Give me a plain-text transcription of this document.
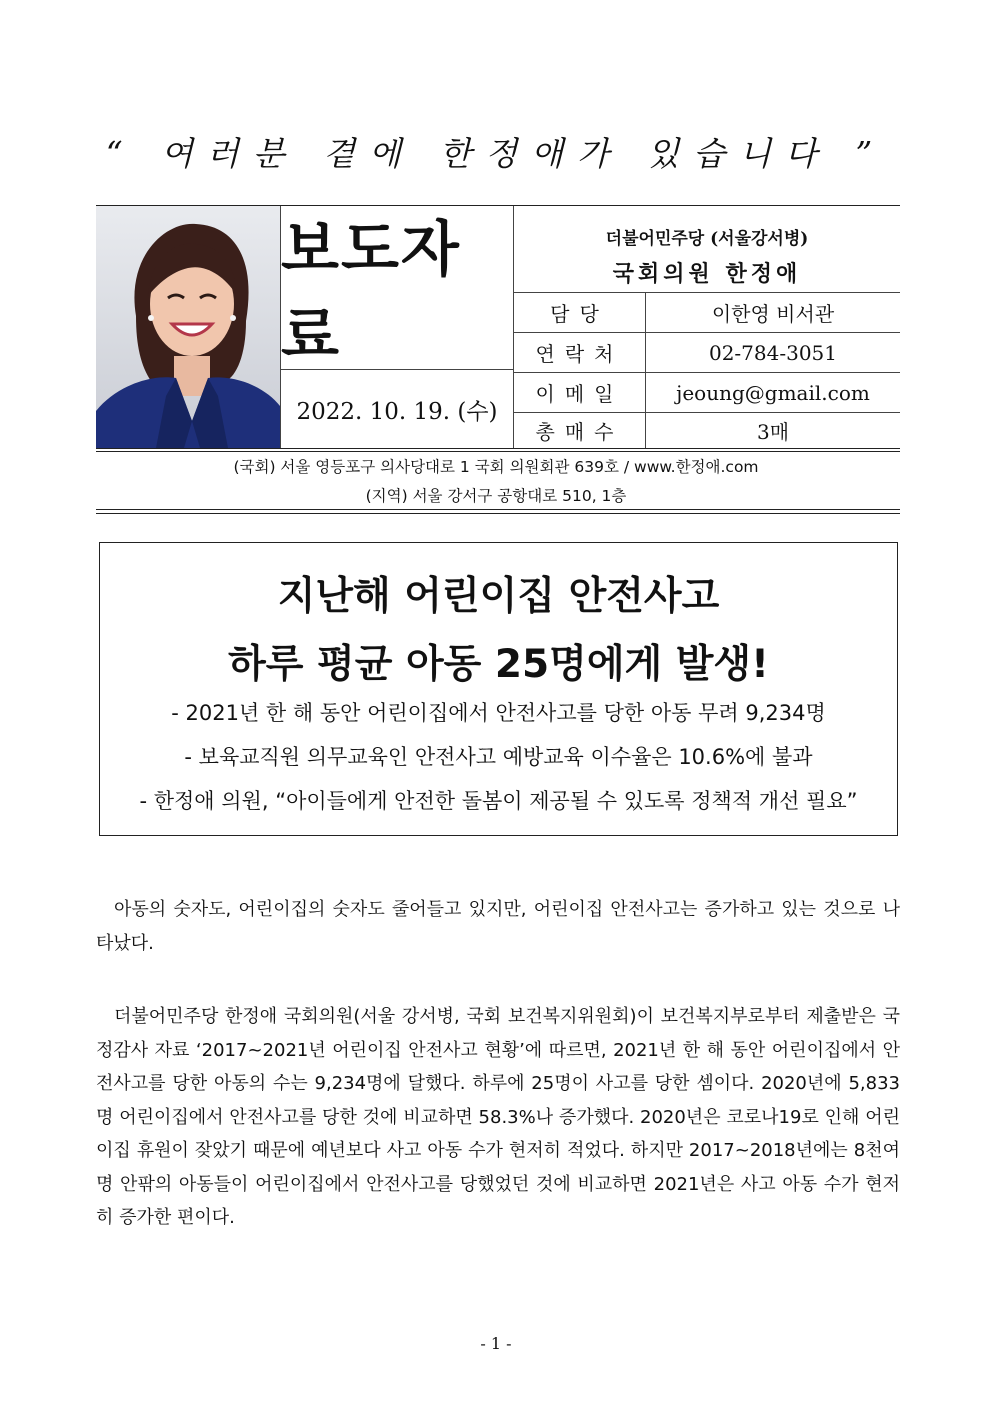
“ 여러분 곁에 한정애가 있습니다 ”
보도자료
2022. 10. 19. (수)
더불어민주당 (서울강서병)
국회의원 한정애
담당	이한영 비서관
연락처	02-784-3051
이메일	jeoung@gmail.com
총매수	3매
(국회) 서울 영등포구 의사당대로 1 국회 의원회관 639호 / www.한정애.com
(지역) 서울 강서구 공항대로 510, 1층
지난해 어린이집 안전사고
하루 평균 아동 25명에게 발생!
- 2021년 한 해 동안 어린이집에서 안전사고를 당한 아동 무려 9,234명
- 보육교직원 의무교육인 안전사고 예방교육 이수율은 10.6%에 불과
- 한정애 의원, “아이들에게 안전한 돌봄이 제공될 수 있도록 정책적 개선 필요”
아동의 숫자도, 어린이집의 숫자도 줄어들고 있지만, 어린이집 안전사고는 증가하고 있는 것으로 나타났다.
더불어민주당 한정애 국회의원(서울 강서병, 국회 보건복지위원회)이 보건복지부로부터 제출받은 국정감사 자료 ‘2017~2021년 어린이집 안전사고 현황’에 따르면, 2021년 한 해 동안 어린이집에서 안전사고를 당한 아동의 수는 9,234명에 달했다. 하루에 25명이 사고를 당한 셈이다. 2020년에 5,833명 어린이집에서 안전사고를 당한 것에 비교하면 58.3%나 증가했다. 2020년은 코로나19로 인해 어린이집 휴원이 잦았기 때문에 예년보다 사고 아동 수가 현저히 적었다. 하지만 2017~2018년에는 8천여 명 안팎의 아동들이 어린이집에서 안전사고를 당했었던 것에 비교하면 2021년은 사고 아동 수가 현저히 증가한 편이다.
- 1 -
